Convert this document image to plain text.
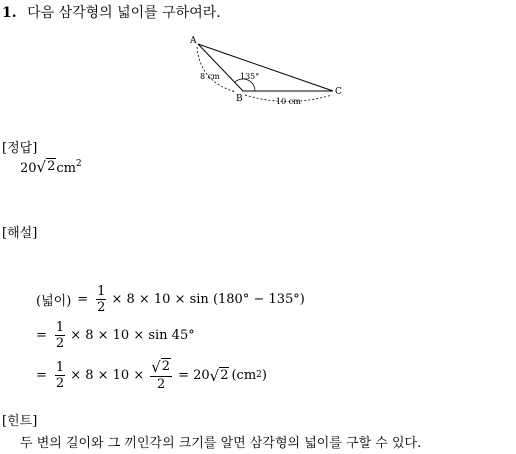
1. 다음 삼각형의 넓이를 구하여라.
A
B
C
8 cm
10 cm
135°
[정답]
20 √ 2 $cm^2$
[해설]
(넓이) = $\frac{1}{2} \times 8 \times 10 \times \sin (180^\circ - 135^\circ)$
= $\frac{1}{2} \times 8 \times 10 \times \sin 45^\circ$
= $\frac{1}{2} \times 8 \times 10 \times \frac{√ 2}{2} = 20$ √ 2 (cm 2 )
[힌트]
두 변의 길이와 그 끼인각의 크기를 알면 삼각형의 넓이를 구할 수 있다.
